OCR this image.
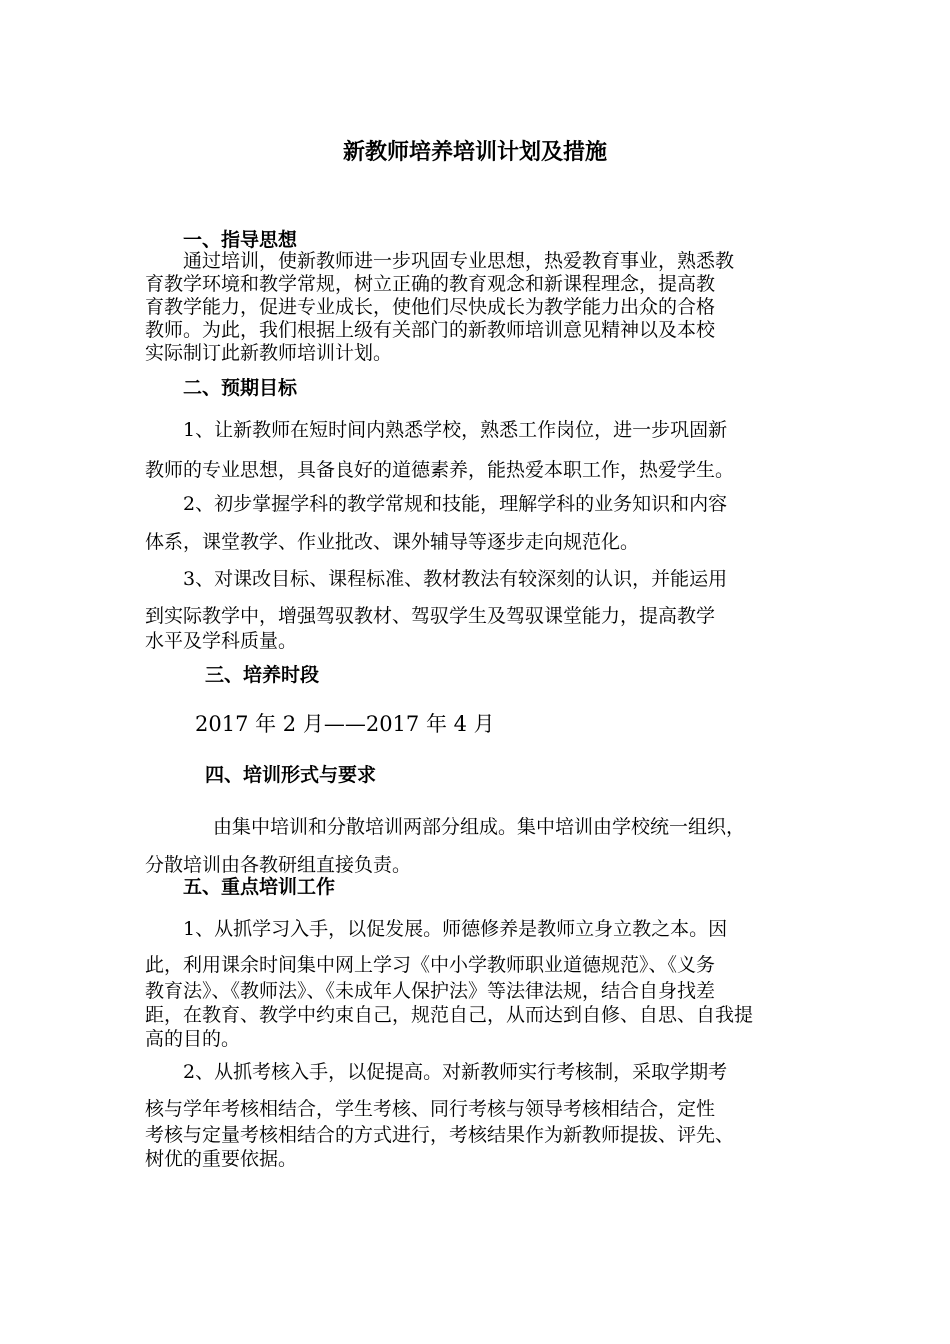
新教师培养培训计划及措施
一、指导思想
通过培训，使新教师进一步巩固专业思想，热爱教育事业，熟悉教
育教学环境和教学常规，树立正确的教育观念和新课程理念，提高教
育教学能力，促进专业成长，使他们尽快成长为教学能力出众的合格
教师。为此，我们根据上级有关部门的新教师培训意见精神以及本校
实际制订此新教师培训计划。
二、预期目标
1、让新教师在短时间内熟悉学校，熟悉工作岗位，进一步巩固新
教师的专业思想，具备良好的道德素养，能热爱本职工作，热爱学生。
2、初步掌握学科的教学常规和技能，理解学科的业务知识和内容
体系，课堂教学、作业批改、课外辅导等逐步走向规范化。
3、对课改目标、课程标准、教材教法有较深刻的认识，并能运用
到实际教学中，增强驾驭教材、驾驭学生及驾驭课堂能力，提高教学
水平及学科质量。
三、培养时段
2017 年 2 月——2017 年 4 月
四、培训形式与要求
由集中培训和分散培训两部分组成。集中培训由学校统一组织，
分散培训由各教研组直接负责。
五、重点培训工作
1、从抓学习入手，以促发展。师德修养是教师立身立教之本。因
此，利用课余时间集中网上学习《中小学教师职业道德规范》、《义务
教育法》、《教师法》、《未成年人保护法》等法律法规，结合自身找差
距，在教育、教学中约束自己，规范自己，从而达到自修、自思、自我提
高的目的。
2、从抓考核入手，以促提高。对新教师实行考核制，采取学期考
核与学年考核相结合，学生考核、同行考核与领导考核相结合，定性
考核与定量考核相结合的方式进行，考核结果作为新教师提拔、评先、
树优的重要依据。
